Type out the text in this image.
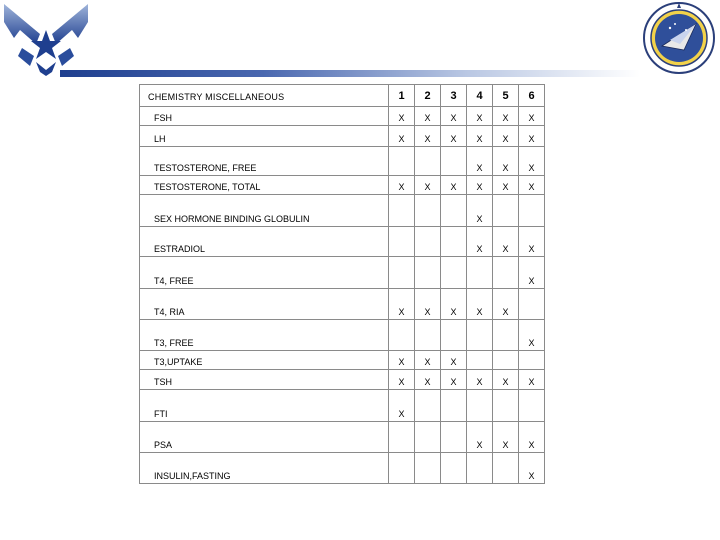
CHEMISTRY MISCELLANEOUS	1	2	3	4	5	6
FSH	X	X	X	X	X	X
LH	X	X	X	X	X	X
TESTOSTERONE, FREE				X	X	X
TESTOSTERONE, TOTAL	X	X	X	X	X	X
SEX HORMONE BINDING GLOBULIN				X		
ESTRADIOL				X	X	X
T4, FREE						X
T4, RIA	X	X	X	X	X	
T3, FREE						X
T3,UPTAKE	X	X	X			
TSH	X	X	X	X	X	X
FTI	X					
PSA				X	X	X
INSULIN,FASTING						X
